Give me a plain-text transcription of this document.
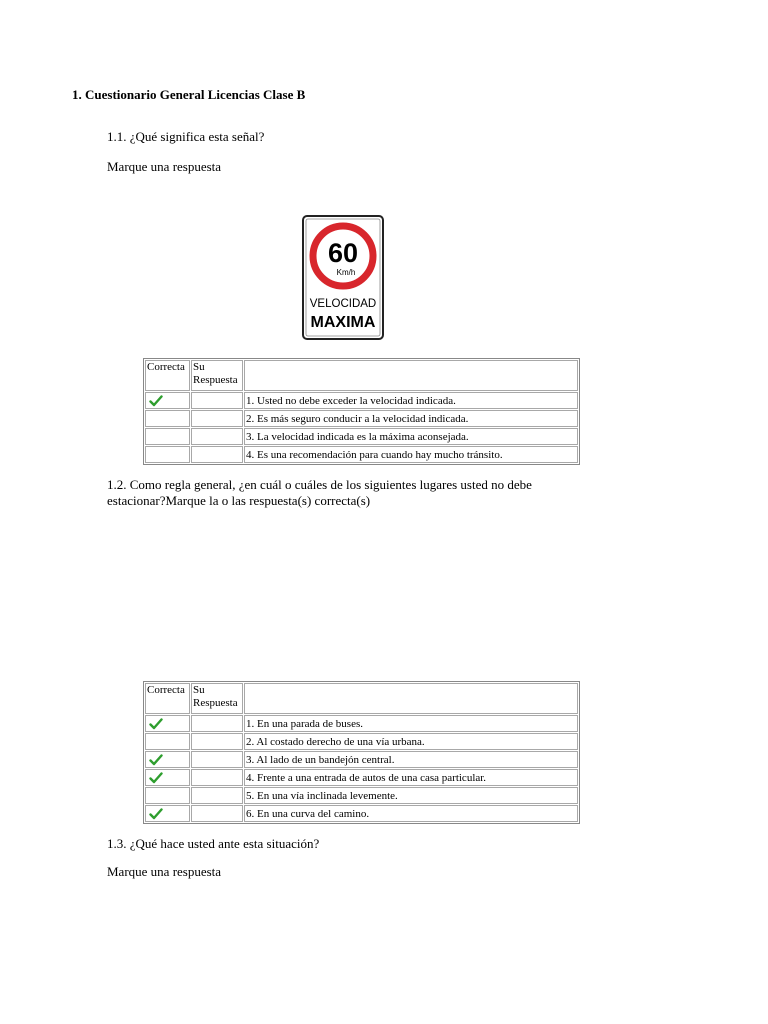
1. Cuestionario General Licencias Clase B
1.1. ¿Qué significa esta señal?
Marque una respuesta
60
Km/h
VELOCIDAD
MAXIMA
Correcta	Su
Respuesta	
		1. Usted no debe exceder la velocidad indicada.
		2. Es más seguro conducir a la velocidad indicada.
		3. La velocidad indicada es la máxima aconsejada.
		4. Es una recomendación para cuando hay mucho tránsito.
1.2. Como regla general, ¿en cuál o cuáles de los siguientes lugares usted no debe estacionar?Marque la o las respuesta(s) correcta(s)
Correcta	Su
Respuesta	
		1. En una parada de buses.
		2. Al costado derecho de una vía urbana.
		3. Al lado de un bandejón central.
		4. Frente a una entrada de autos de una casa particular.
		5. En una vía inclinada levemente.
		6. En una curva del camino.
1.3. ¿Qué hace usted ante esta situación?
Marque una respuesta
